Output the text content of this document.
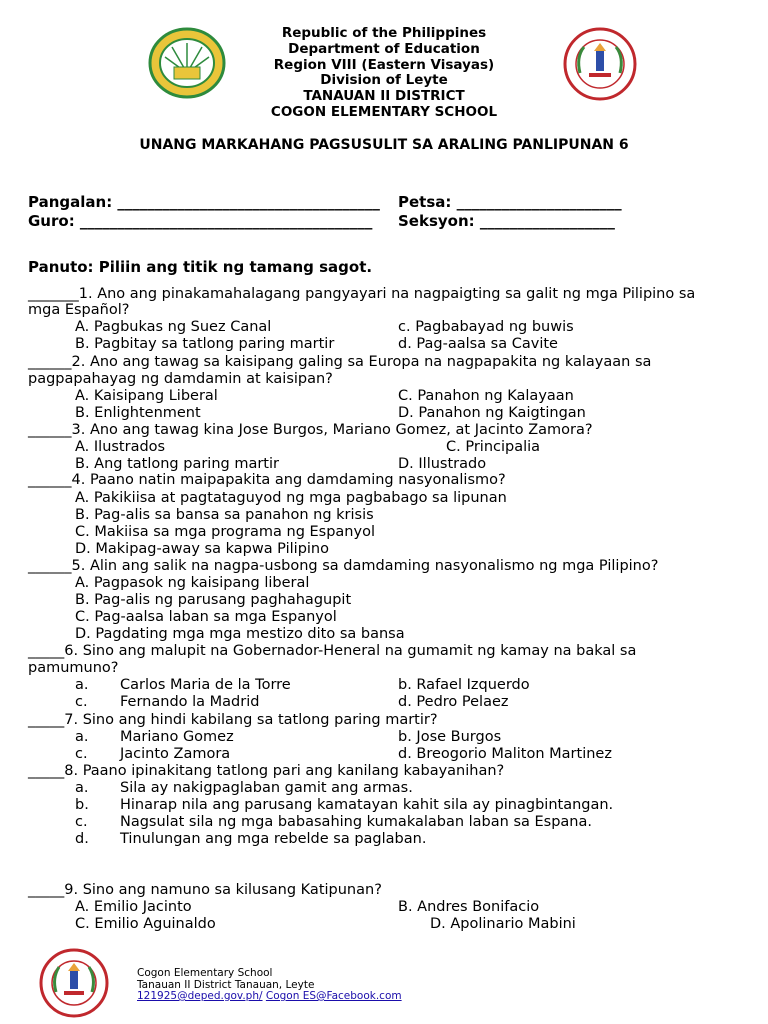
Republic of the Philippines
Department of Education
Region VIII (Eastern Visayas)
Division of Leyte
TANAUAN II DISTRICT
COGON ELEMENTARY SCHOOL
UNANG MARKAHANG PAGSUSULIT SA ARALING PANLIPUNAN 6
Pangalan: ___________________________________ Petsa: ______________________
Guro: _______________________________________ Seksyon: __________________
Panuto: Piliin ang titik ng tamang sagot.
_______1. Ano ang pinakamahalagang pangyayari na nagpaigting sa galit ng mga Pilipino sa
mga Español?
A. Pagbukas ng Suez Canal	c. Pagbabayad ng buwis
B. Pagbitay sa tatlong paring martir	d. Pag-aalsa sa Cavite
______2. Ano ang tawag sa kaisipang galing sa Europa na nagpapakita ng kalayaan sa
pagpapahayag ng damdamin at kaisipan?
A. Kaisipang Liberal	C. Panahon ng Kalayaan
B. Enlightenment	D. Panahon ng Kaigtingan
______3. Ano ang tawag kina Jose Burgos, Mariano Gomez, at Jacinto Zamora?
A. Ilustrados	C. Principalia
B. Ang tatlong paring martir	D. Illustrado
______4. Paano natin maipapakita ang damdaming nasyonalismo?
A. Pakikiisa at pagtataguyod ng mga pagbabago sa lipunan
B. Pag-alis sa bansa sa panahon ng krisis
C. Makiisa sa mga programa ng Espanyol
D. Makipag-away sa kapwa Pilipino
______5. Alin ang salik na nagpa-usbong sa damdaming nasyonalismo ng mga Pilipino?
A. Pagpasok ng kaisipang liberal
B. Pag-alis ng parusang paghahagupit
C. Pag-aalsa laban sa mga Espanyol
D. Pagdating mga mga mestizo dito sa bansa
_____6. Sino ang malupit na Gobernador-Heneral na gumamit ng kamay na bakal sa
pamumuno?
a. Carlos Maria de la Torre	b. Rafael Izquerdo
c. Fernando la Madrid	d. Pedro Pelaez
_____7. Sino ang hindi kabilang sa tatlong paring martir?
a. Mariano Gomez	b. Jose Burgos
c. Jacinto Zamora	d. Breogorio Maliton Martinez
_____8. Paano ipinakitang tatlong pari ang kanilang kabayanihan?
a. Sila ay nakigpaglaban gamit ang armas.
b. Hinarap nila ang parusang kamatayan kahit sila ay pinagbintangan.
c. Nagsulat sila ng mga babasahing kumakalaban laban sa Espana.
d. Tinulungan ang mga rebelde sa paglaban.
_____9. Sino ang namuno sa kilusang Katipunan?
A. Emilio Jacinto	B. Andres Bonifacio
C. Emilio Aguinaldo	D. Apolinario Mabini
Cogon Elementary School
Tanauan II District Tanauan, Leyte
121925@deped.gov.ph/ Cogon ES@Facebook.com
